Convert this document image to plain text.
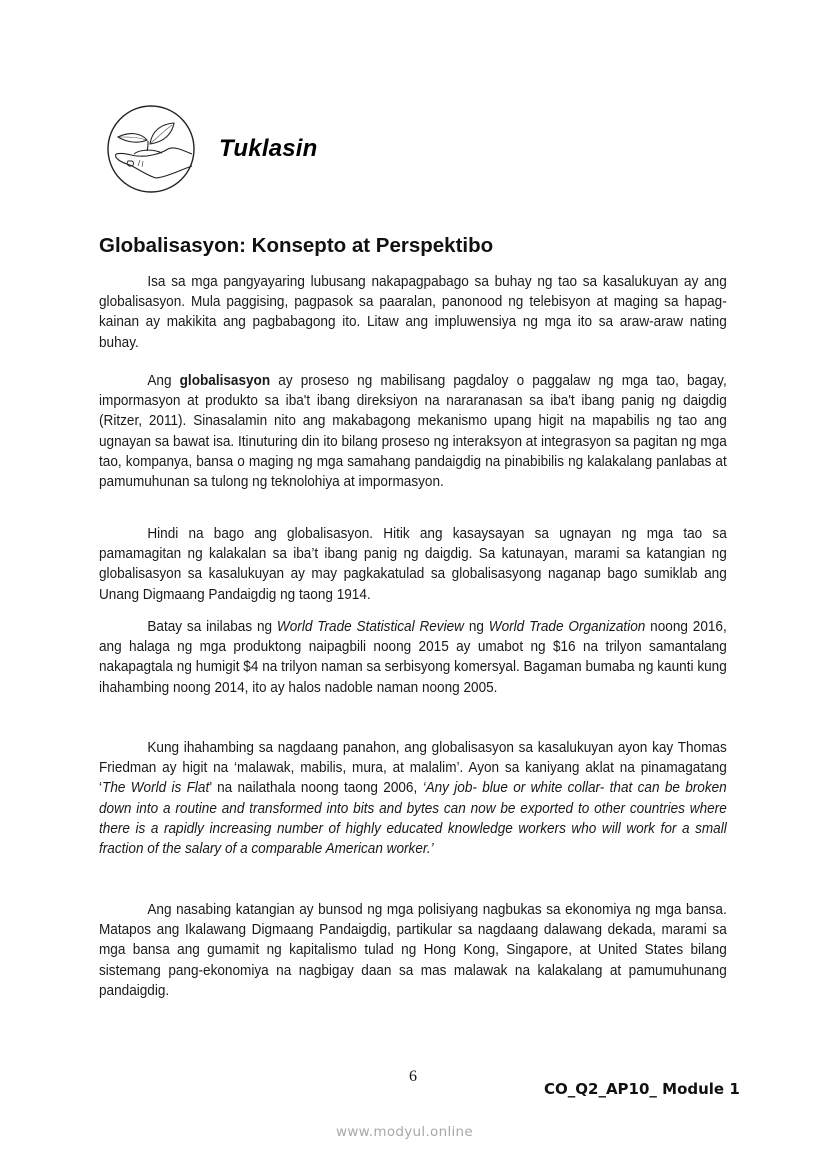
Tuklasin
Globalisasyon: Konsepto at Perspektibo

Isa sa mga pangyayaring lubusang nakapagpabago sa buhay ng tao sa kasalukuyan ay ang globalisasyon. Mula paggising, pagpasok sa paaralan, panonood ng telebisyon at maging sa hapag-kainan ay makikita ang pagbabagong ito. Litaw ang impluwensiya ng mga ito sa araw-araw nating buhay.

Ang globalisasyon ay proseso ng mabilisang pagdaloy o paggalaw ng mga tao, bagay, impormasyon at produkto sa iba't ibang direksiyon na nararanasan sa iba't ibang panig ng daigdig (Ritzer, 2011). Sinasalamin nito ang makabagong mekanismo upang higit na mapabilis ng tao ang ugnayan sa bawat isa. Itinuturing din ito bilang proseso ng interaksyon at integrasyon sa pagitan ng mga tao, kompanya, bansa o maging ng mga samahang pandaigdig na pinabibilis ng kalakalang panlabas at pamumuhunan sa tulong ng teknolohiya at impormasyon.

Hindi na bago ang globalisasyon. Hitik ang kasaysayan sa ugnayan ng mga tao sa pamamagitan ng kalakalan sa iba’t ibang panig ng daigdig. Sa katunayan, marami sa katangian ng globalisasyon sa kasalukuyan ay may pagkakatulad sa globalisasyong naganap bago sumiklab ang Unang Digmaang Pandaigdig ng taong 1914.

Batay sa inilabas ng World Trade Statistical Review ng World Trade Organization noong 2016, ang halaga ng mga produktong naipagbili noong 2015 ay umabot ng $16 na trilyon samantalang nakapagtala ng humigit $4 na trilyon naman sa serbisyong komersyal. Bagaman bumaba ng kaunti kung ihahambing noong 2014, ito ay halos nadoble naman noong 2005.

Kung ihahambing sa nagdaang panahon, ang globalisasyon sa kasalukuyan ayon kay Thomas Friedman ay higit na ‘malawak, mabilis, mura, at malalim’. Ayon sa kaniyang aklat na pinamagatang ‘The World is Flat’ na nailathala noong taong 2006, ‘Any job- blue or white collar- that can be broken down into a routine and transformed into bits and bytes can now be exported to other countries where there is a rapidly increasing number of highly educated knowledge workers who will work for a small fraction of the salary of a comparable American worker.’

Ang nasabing katangian ay bunsod ng mga polisiyang nagbukas sa ekonomiya ng mga bansa. Matapos ang Ikalawang Digmaang Pandaigdig, partikular sa nagdaang dalawang dekada, marami sa mga bansa ang gumamit ng kapitalismo tulad ng Hong Kong, Singapore, at United States bilang sistemang pang-ekonomiya na nagbigay daan sa mas malawak na kalakalang at pamumuhunang pandaigdig.

6
CO_Q2_AP10_ Module 1
www.modyul.online
